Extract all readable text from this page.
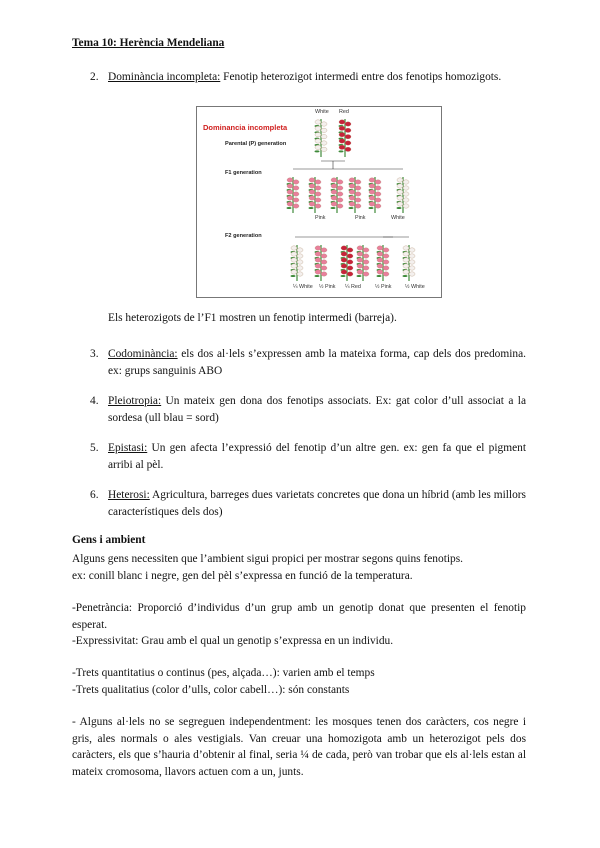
Tema 10: Herència Mendeliana
2. Dominància incompleta: Fenotip heterozigot intermedi entre dos fenotips homozigots.
Dominancia incompleta
Parental (P) generation
F1 generation
F2 generation
White Red
Pink	Pink	White
¼ White ½ Pink ¼ Red	½ Pink	½ White
Els heterozigots de l’F1 mostren un fenotip intermedi (barreja).
3. Codominància: els dos al·lels s’expressen amb la mateixa forma, cap dels dos predomina. ex: grups sanguinis ABO
4. Pleiotropia: Un mateix gen dona dos fenotips associats. Ex: gat color d’ull associat a la sordesa (ull blau = sord)
5. Epistasi: Un gen afecta l’expressió del fenotip d’un altre gen. ex: gen fa que el pigment arribi al pèl.
6. Heterosi: Agricultura, barreges dues varietats concretes que dona un híbrid (amb les millors característiques dels dos)
Gens i ambient
Alguns gens necessiten que l’ambient sigui propici per mostrar segons quins fenotips.
ex: conill blanc i negre, gen del pèl s’expressa en funció de la temperatura.
-Penetrància: Proporció d’individus d’un grup amb un genotip donat que presenten el fenotip esperat.
-Expressivitat: Grau amb el qual un genotip s’expressa en un individu.
-Trets quantitatius o continus (pes, alçada…): varien amb el temps
-Trets qualitatius (color d’ulls, color cabell…): són constants
- Alguns al·lels no se segreguen independentment: les mosques tenen dos caràcters, cos negre i gris, ales normals o ales vestigials. Van creuar una homozigota amb un heterozigot pels dos caràcters, els que s’hauria d’obtenir al final, seria ¼ de cada, però van trobar que els al·lels estan al mateix cromosoma, llavors actuen com a un, junts.
